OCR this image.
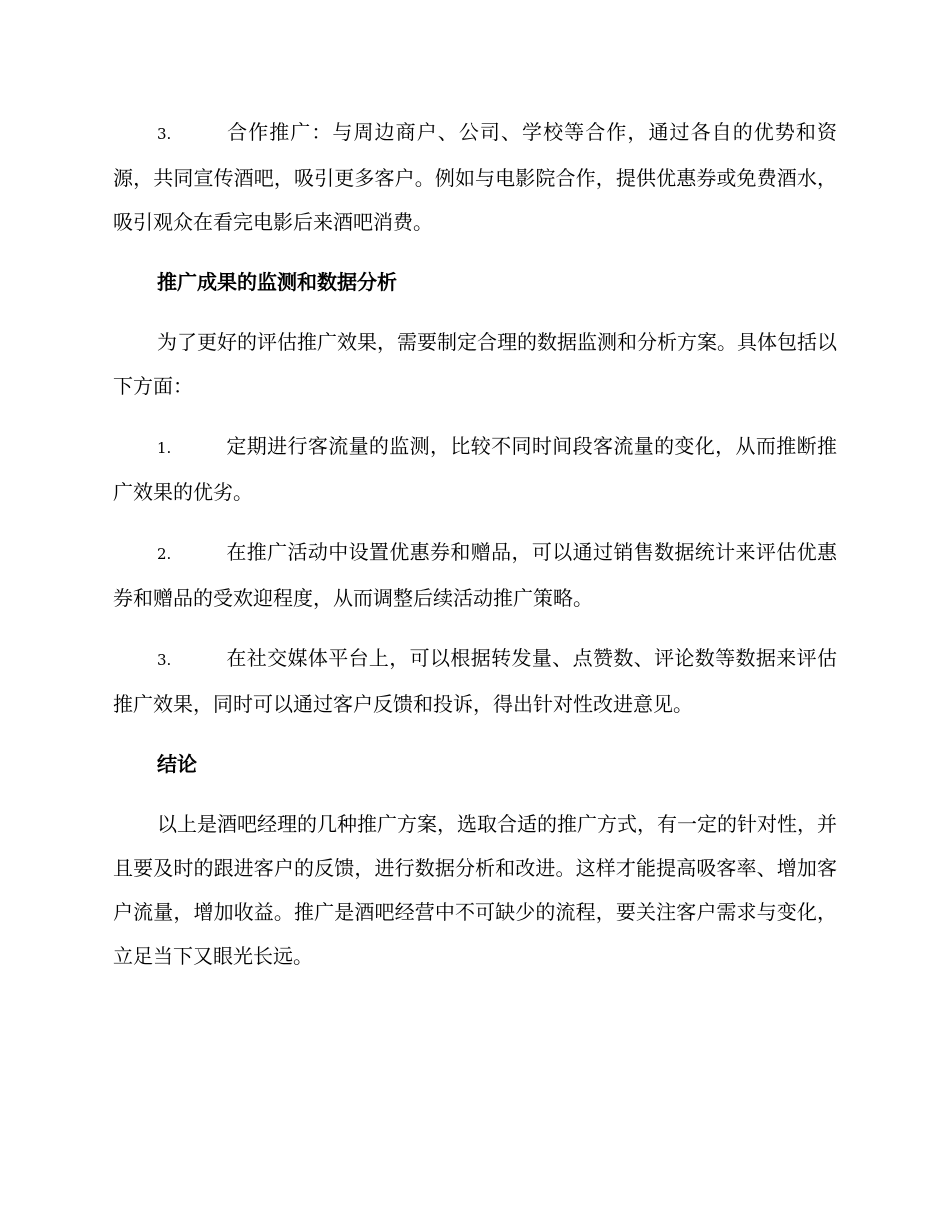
3.	合作推广：与周边商户、公司、学校等合作，通过各自的优势和资源，共同宣传酒吧，吸引更多客户。例如与电影院合作，提供优惠券或免费酒水，吸引观众在看完电影后来酒吧消费。

推广成果的监测和数据分析

为了更好的评估推广效果，需要制定合理的数据监测和分析方案。具体包括以下方面：

1.	定期进行客流量的监测，比较不同时间段客流量的变化，从而推断推广效果的优劣。

2.	在推广活动中设置优惠券和赠品，可以通过销售数据统计来评估优惠券和赠品的受欢迎程度，从而调整后续活动推广策略。

3.	在社交媒体平台上，可以根据转发量、点赞数、评论数等数据来评估推广效果，同时可以通过客户反馈和投诉，得出针对性改进意见。

结论

以上是酒吧经理的几种推广方案，选取合适的推广方式，有一定的针对性，并且要及时的跟进客户的反馈，进行数据分析和改进。这样才能提高吸客率、增加客户流量，增加收益。推广是酒吧经营中不可缺少的流程，要关注客户需求与变化，立足当下又眼光长远。
